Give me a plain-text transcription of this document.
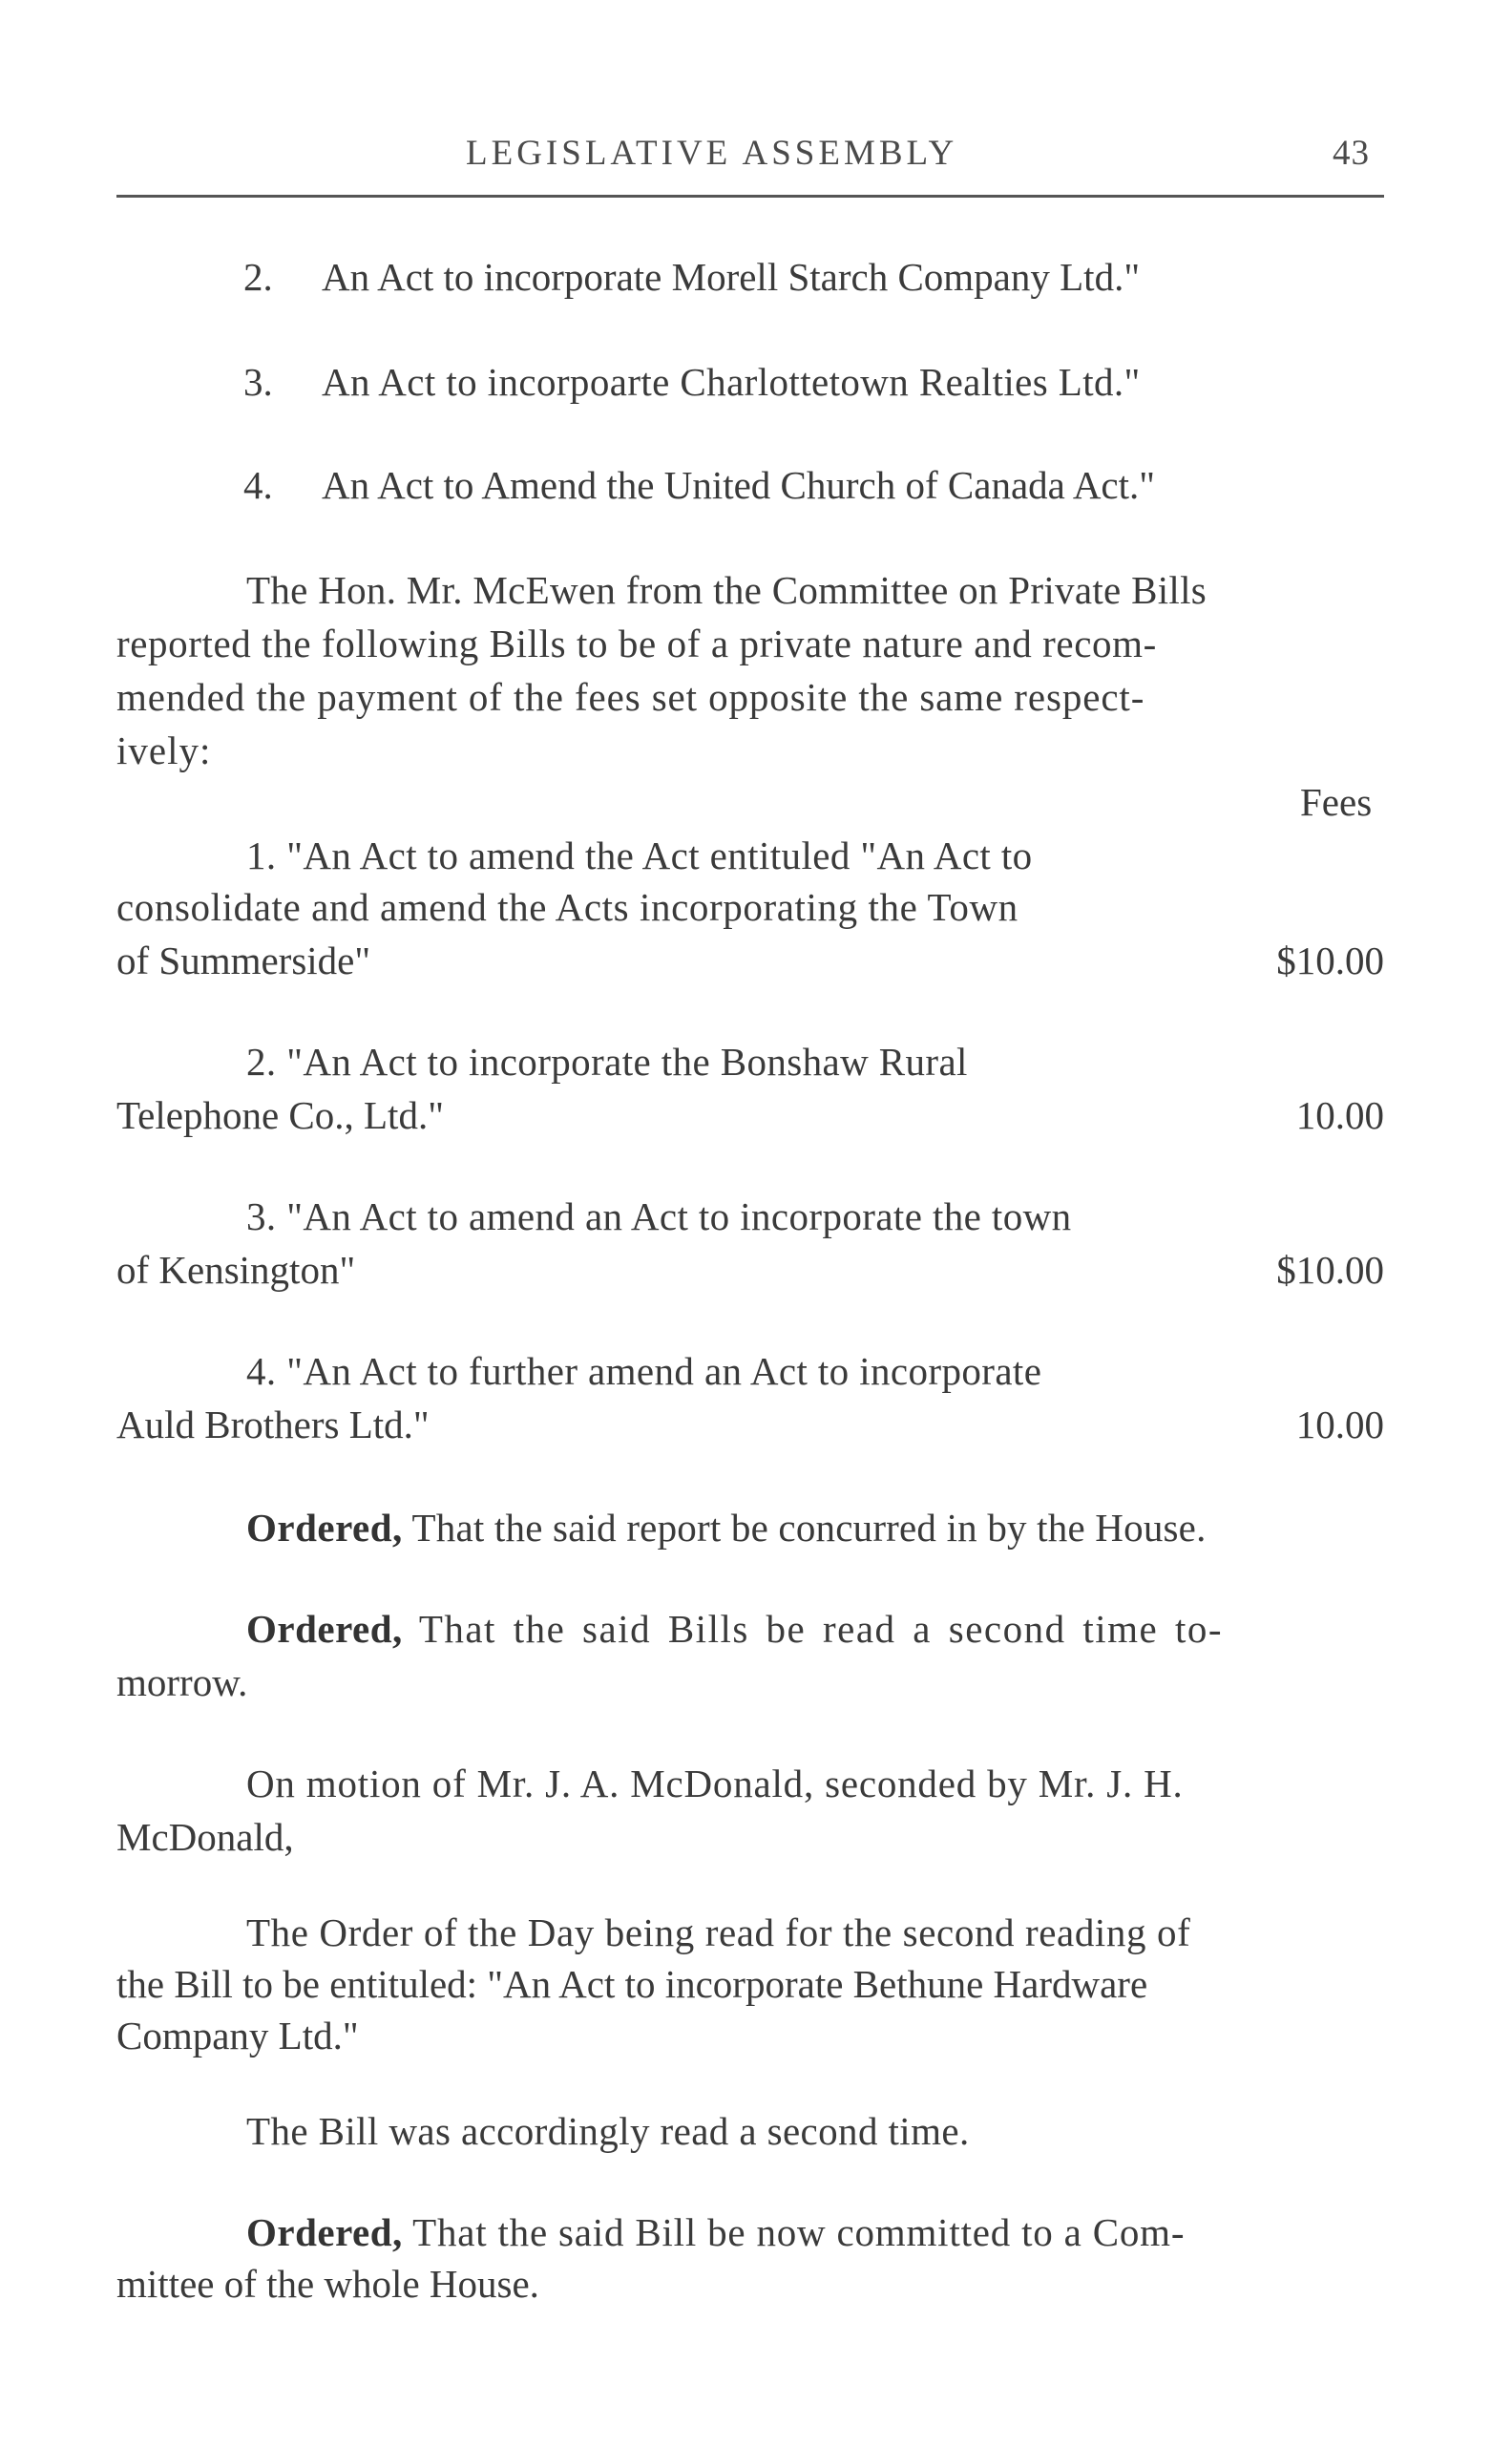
LEGISLATIVE ASSEMBLY	43
2. An Act to incorporate Morell Starch Company Ltd."
3. An Act to incorpoarte Charlottetown Realties Ltd."
4. An Act to Amend the United Church of Canada Act."
The Hon. Mr. McEwen from the Committee on Private Bills
reported the following Bills to be of a private nature and recom-
mended the payment of the fees set opposite the same respect-
ively:
Fees
1. "An Act to amend the Act entituled "An Act to
consolidate and amend the Acts incorporating the Town
of Summerside"	$10.00
2. "An Act to incorporate the Bonshaw Rural
Telephone Co., Ltd."	10.00
3. "An Act to amend an Act to incorporate the town
of Kensington"	$10.00
4. "An Act to further amend an Act to incorporate
Auld Brothers Ltd."	10.00
Ordered, That the said report be concurred in by the House.
Ordered, That the said Bills be read a second time to-
morrow.
On motion of Mr. J. A. McDonald, seconded by Mr. J. H.
McDonald,
The Order of the Day being read for the second reading of
the Bill to be entituled: "An Act to incorporate Bethune Hardware
Company Ltd."
The Bill was accordingly read a second time.
Ordered, That the said Bill be now committed to a Com-
mittee of the whole House.
